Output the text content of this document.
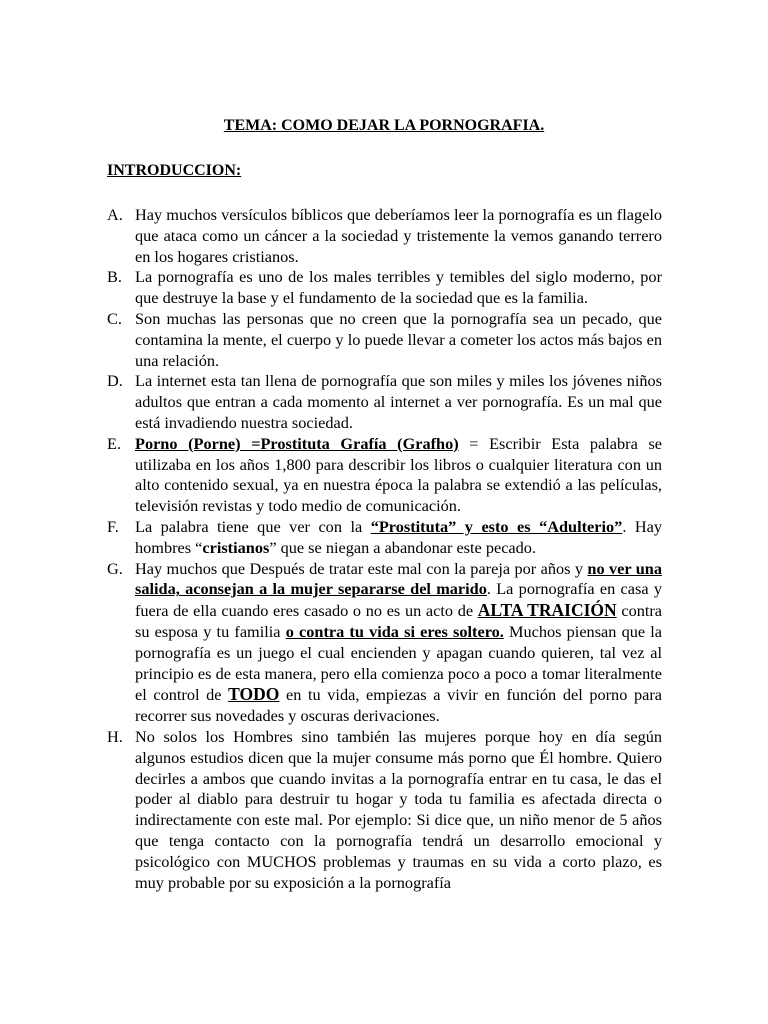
TEMA: COMO DEJAR LA PORNOGRAFIA.
INTRODUCCION:
A. Hay muchos versículos bíblicos que deberíamos leer la pornografía es un flagelo que ataca como un cáncer a la sociedad y tristemente la vemos ganando terrero en los hogares cristianos.
B. La pornografía es uno de los males terribles y temibles del siglo moderno, por que destruye la base y el fundamento de la sociedad que es la familia.
C. Son muchas las personas que no creen que la pornografía sea un pecado, que contamina la mente, el cuerpo y lo puede llevar a cometer los actos más bajos en una relación.
D. La internet esta tan llena de pornografía que son miles y miles los jóvenes niños adultos que entran a cada momento al internet a ver pornografía. Es un mal que está invadiendo nuestra sociedad.
E. Porno (Porne) =Prostituta Grafía (Grafho) = Escribir Esta palabra se utilizaba en los años 1,800 para describir los libros o cualquier literatura con un alto contenido sexual, ya en nuestra época la palabra se extendió a las películas, televisión revistas y todo medio de comunicación.
F. La palabra tiene que ver con la “Prostituta” y esto es “Adulterio”. Hay hombres “cristianos” que se niegan a abandonar este pecado.
G. Hay muchos que Después de tratar este mal con la pareja por años y no ver una salida, aconsejan a la mujer separarse del marido. La pornografía en casa y fuera de ella cuando eres casado o no es un acto de ALTA TRAICIÓN contra su esposa y tu familia o contra tu vida si eres soltero. Muchos piensan que la pornografía es un juego el cual encienden y apagan cuando quieren, tal vez al principio es de esta manera, pero ella comienza poco a poco a tomar literalmente el control de TODO en tu vida, empiezas a vivir en función del porno para recorrer sus novedades y oscuras derivaciones.
H. No solos los Hombres sino también las mujeres porque hoy en día según algunos estudios dicen que la mujer consume más porno que Él hombre. Quiero decirles a ambos que cuando invitas a la pornografía entrar en tu casa, le das el poder al diablo para destruir tu hogar y toda tu familia es afectada directa o indirectamente con este mal. Por ejemplo: Si dice que, un niño menor de 5 años que tenga contacto con la pornografía tendrá un desarrollo emocional y psicológico con MUCHOS problemas y traumas en su vida a corto plazo, es muy probable por su exposición a la pornografía
